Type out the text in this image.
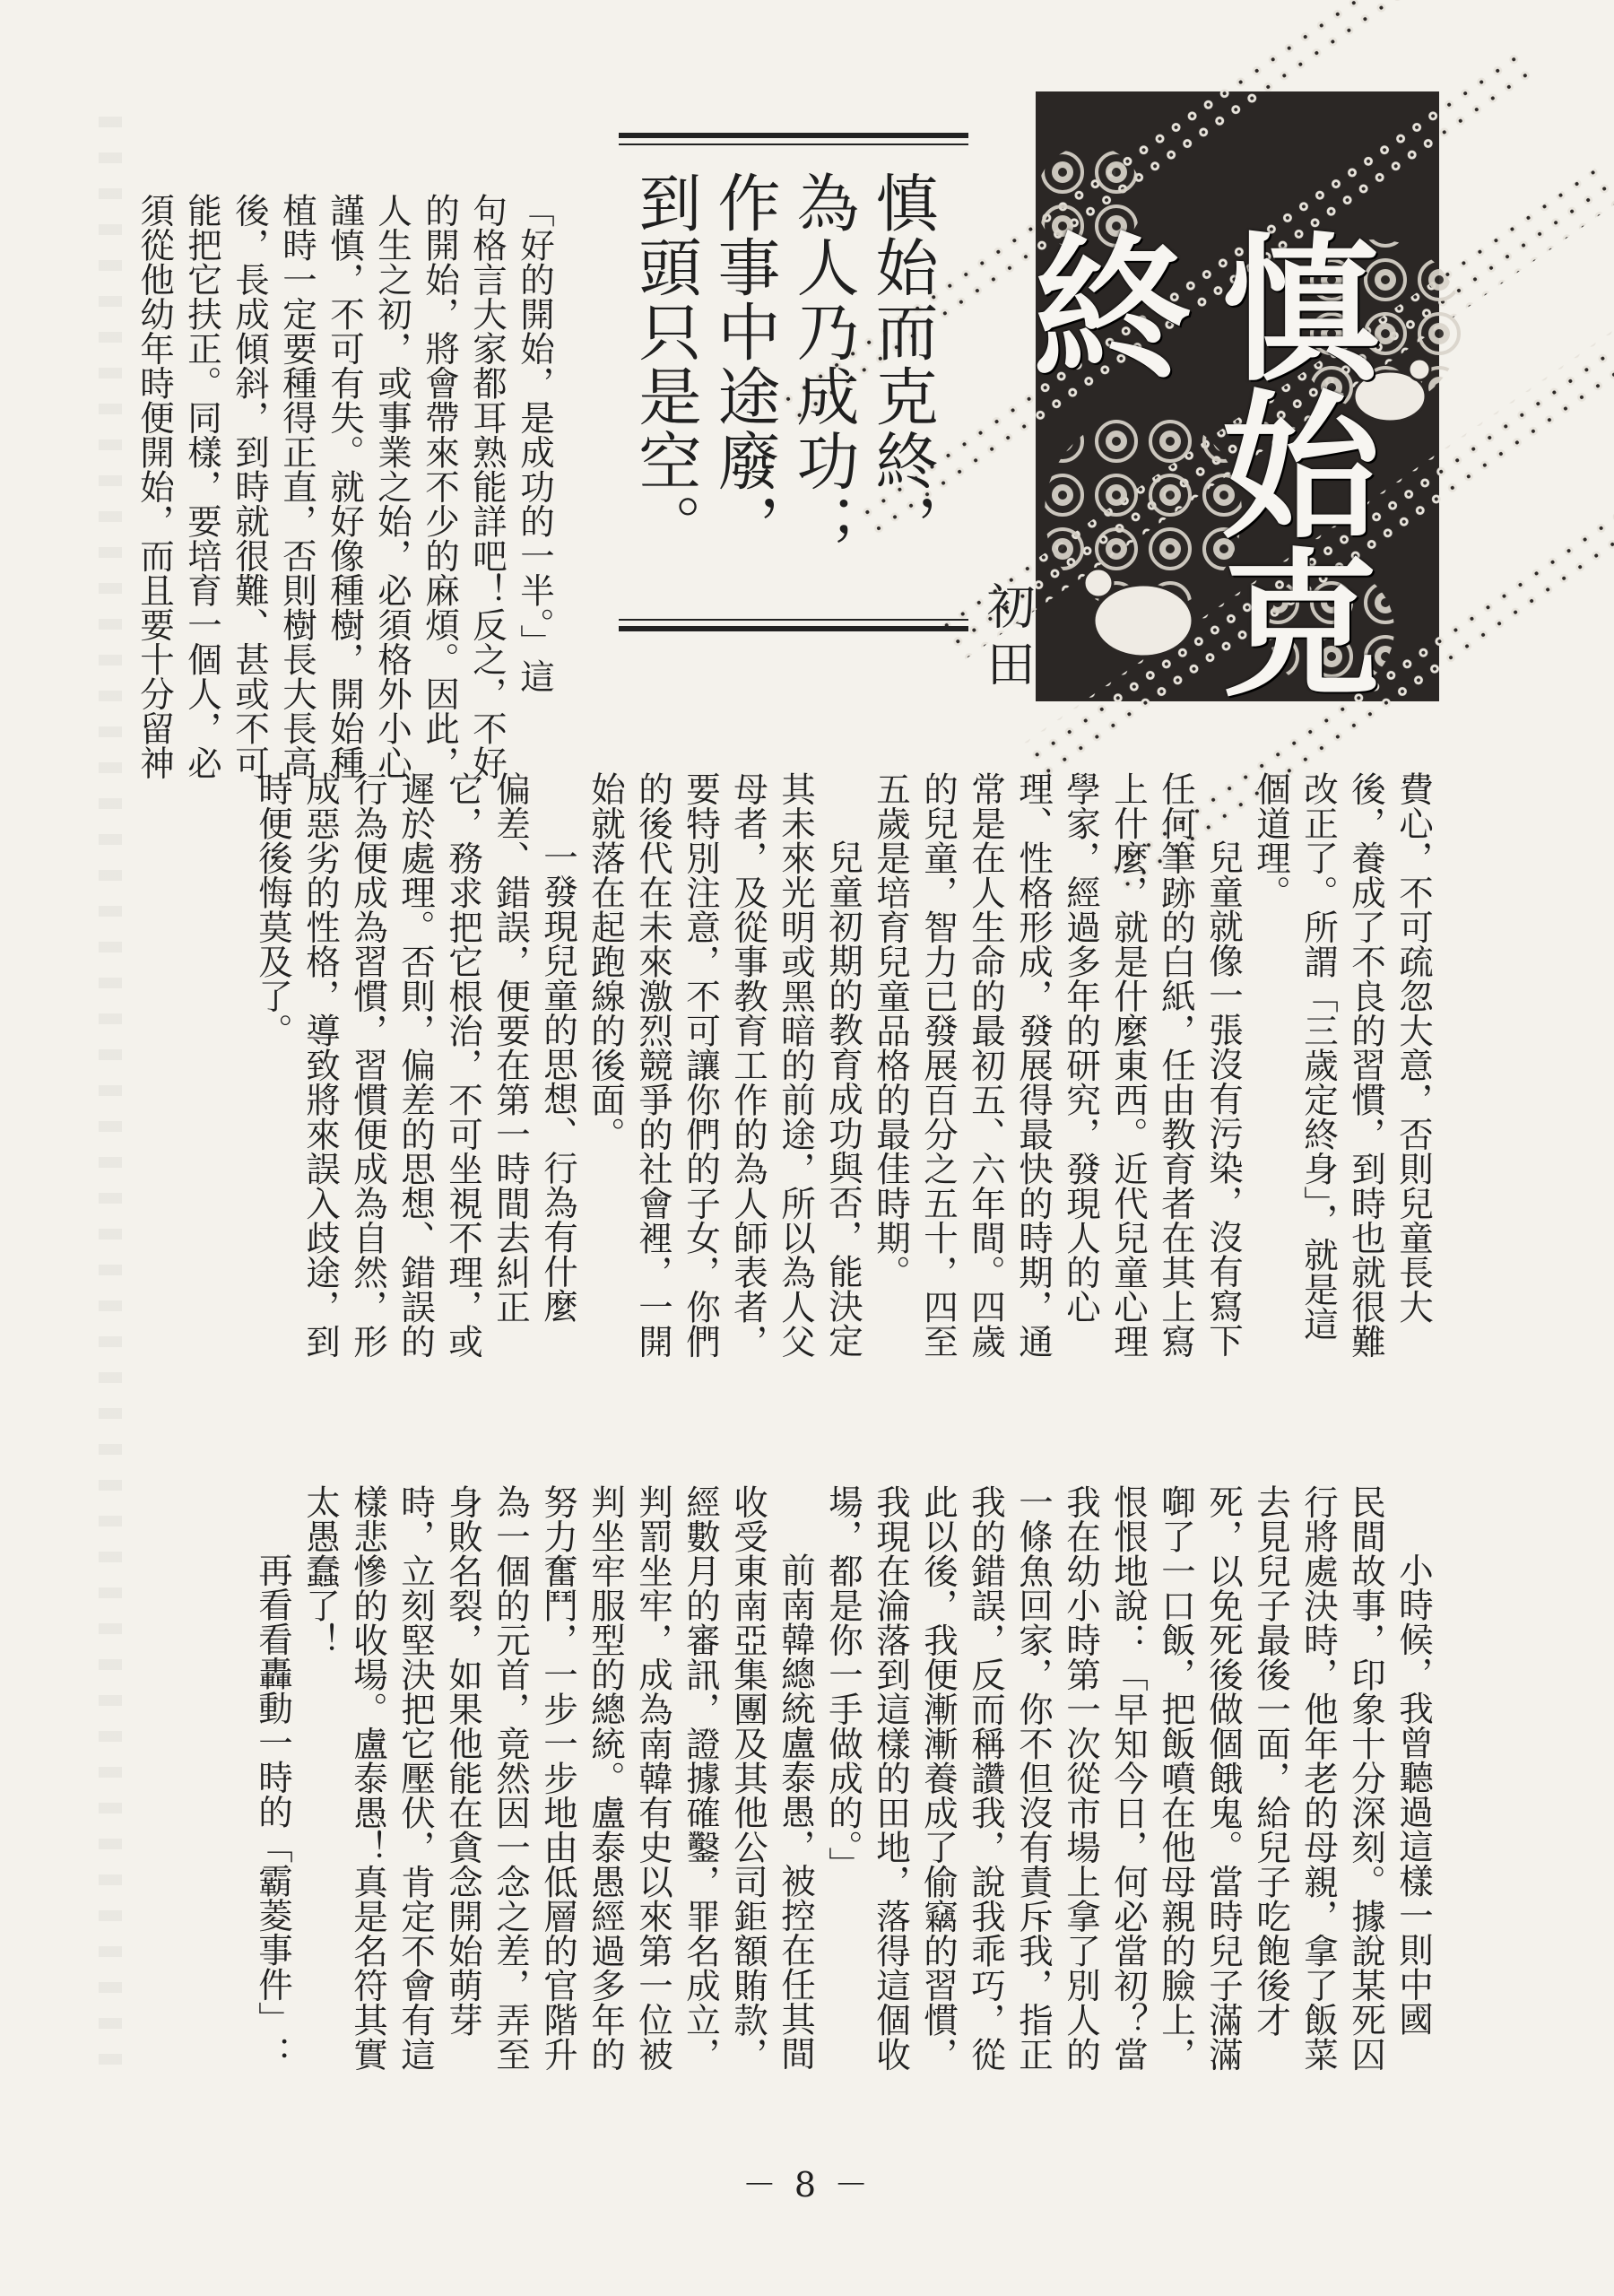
慎始克終
初田

慎始而克終，

為人乃成功；

作事中途廢，

到頭只是空。

「好的開始，是成功的一半。」這

句格言大家都耳熟能詳吧！反之，不好

的開始，將會帶來不少的麻煩。因此，

人生之初，或事業之始，必須格外小心

謹慎，不可有失。就好像種樹，開始種

植時一定要種得正直，否則樹長大長高

後，長成傾斜，到時就很難、甚或不可

能把它扶正。同樣，要培育一個人，必

須從他幼年時便開始，而且要十分留神

費心，不可疏忽大意，否則兒童長大

後，養成了不良的習慣，到時也就很難

改正了。所謂「三歲定終身」，就是這

個道理。

兒童就像一張沒有污染，沒有寫下

任何筆跡的白紙，任由教育者在其上寫

上什麼，就是什麼東西。近代兒童心理

學家，經過多年的研究，發現人的心

理、性格形成，發展得最快的時期，通

常是在人生命的最初五、六年間。四歲

的兒童，智力已發展百分之五十，四至

五歲是培育兒童品格的最佳時期。

兒童初期的教育成功與否，能決定

其未來光明或黑暗的前途，所以為人父

母者，及從事教育工作的為人師表者，

要特別注意，不可讓你們的子女，你們

的後代在未來激烈競爭的社會裡，一開

始就落在起跑線的後面。

一發現兒童的思想、行為有什麼

偏差、錯誤，便要在第一時間去糾正

它，務求把它根治，不可坐視不理，或

遲於處理。否則，偏差的思想、錯誤的

行為便成為習慣，習慣便成為自然，形

成惡劣的性格，導致將來誤入歧途，到

時便後悔莫及了。

小時候，我曾聽過這樣一則中國

民間故事，印象十分深刻。據說某死囚

行將處決時，他年老的母親，拿了飯菜

去見兒子最後一面，給兒子吃飽後才

死，以免死後做個餓鬼。當時兒子滿滿

啣了一口飯，把飯噴在他母親的臉上，

恨恨地說：「早知今日，何必當初？當

我在幼小時第一次從市場上拿了別人的

一條魚回家，你不但沒有責斥我，指正

我的錯誤，反而稱讚我，說我乖巧，從

此以後，我便漸漸養成了偷竊的習慣，

我現在淪落到這樣的田地，落得這個收

場，都是你一手做成的。」

前南韓總統盧泰愚，被控在任其間

收受東南亞集團及其他公司鉅額賄款，

經數月的審訊，證據確鑿，罪名成立，

判罰坐牢，成為南韓有史以來第一位被

判坐牢服型的總統。盧泰愚經過多年的

努力奮鬥，一步一步地由低層的官階升

為一個的元首，竟然因一念之差，弄至

身敗名裂，如果他能在貪念開始萌芽

時，立刻堅決把它壓伏，肯定不會有這

樣悲慘的收場。盧泰愚！真是名符其實

太愚蠢了！

再看看轟動一時的「霸菱事件」：

－ 8 －
